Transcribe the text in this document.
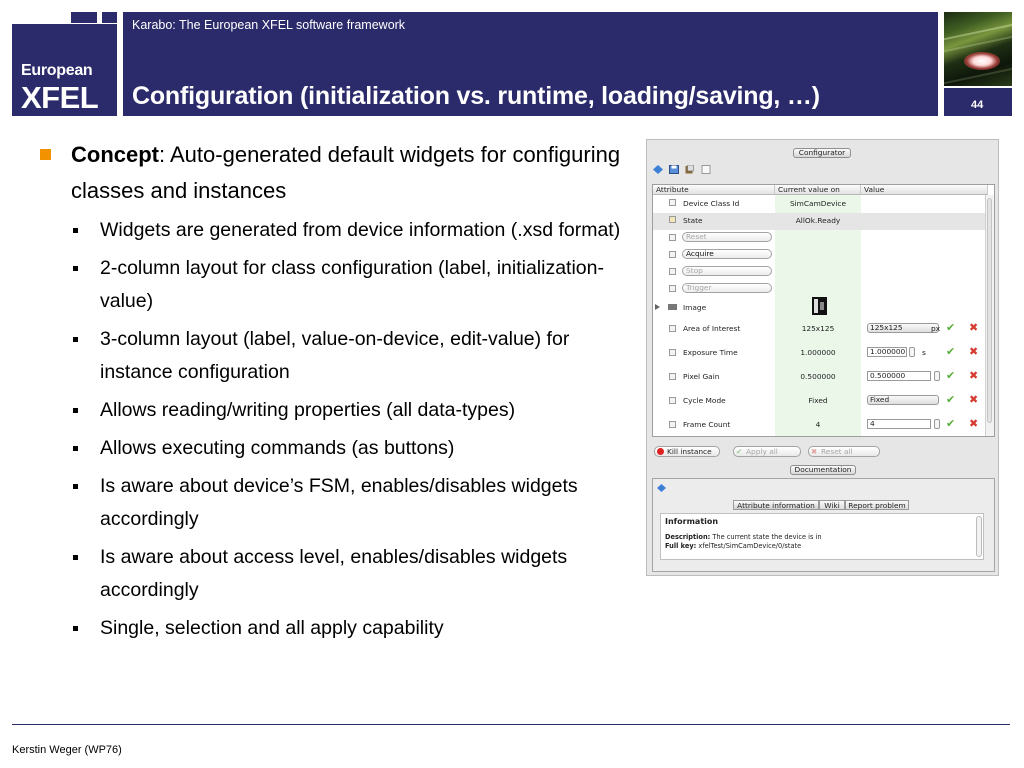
European
XFEL
Karabo: The European XFEL software framework
Configuration (initialization vs. runtime, loading/saving, …)	44
Concept: Auto-generated default widgets for configuring classes and instances
Widgets are generated from device information (.xsd format)
2-column layout for class configuration (label, initialization-value)
3-column layout (label, value-on-device, edit-value) for instance configuration
Allows reading/writing properties (all data-types)
Allows executing commands (as buttons)
Is aware about device’s FSM, enables/disables widgets accordingly
Is aware about access level, enables/disables widgets accordingly
Single, selection and all apply capability
Configurator
Attribute	Current value on	Value
Device Class Id	SimCamDevice
State	AllOk.Ready
Reset
Acquire
Stop
Trigger
Image
Area of Interest	125x125	125x125	px ✔ ✖
Exposure Time	1.000000	1.000000 s ✔ ✖
Pixel Gain	0.500000	0.500000	✔ ✖
Cycle Mode	Fixed	Fixed	✔ ✖
Frame Count	4	4	✔ ✖
Kill instance	✔ Apply all	✖ Reset all
Documentation
Attribute information	Wiki	Report problem
Information
Description: The current state the device is in
Full key: xfelTest/SimCamDevice/0/state
Kerstin Weger (WP76)
